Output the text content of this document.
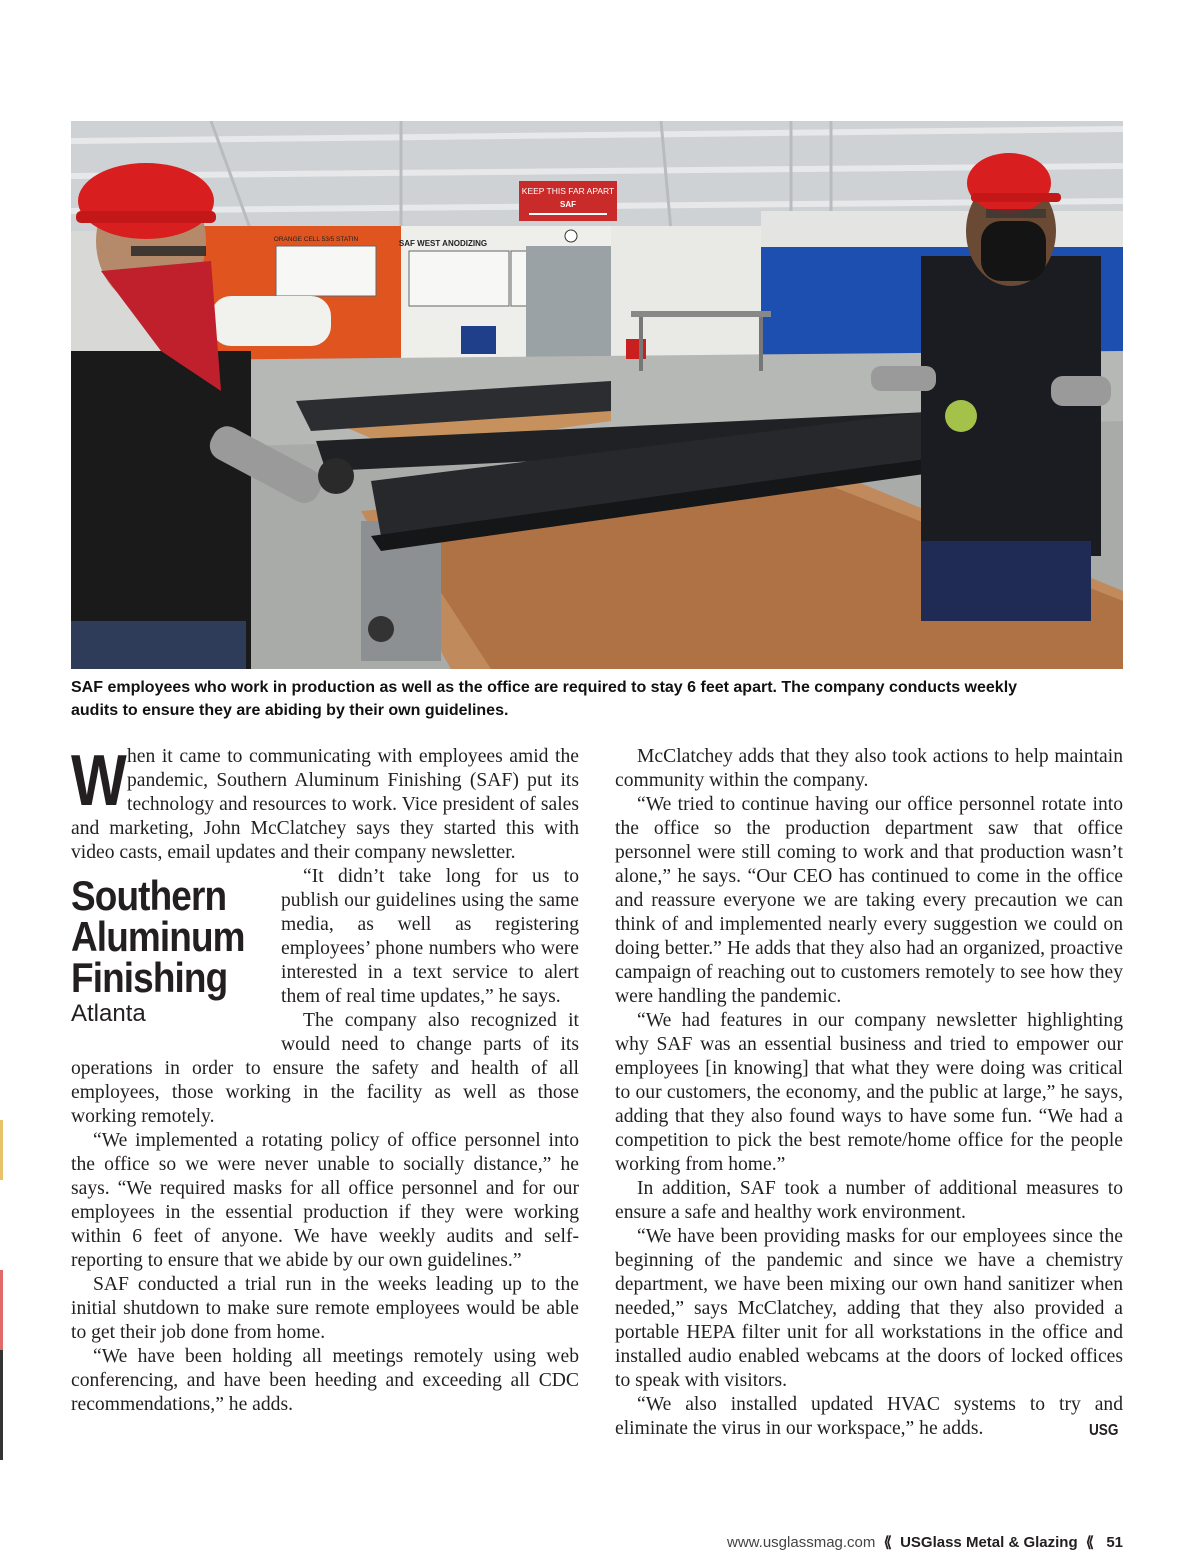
KEEP THIS FAR APART
SAF
SAF WEST ANODIZING
ORANGE CELL 53/5 STATIN

SAF employees who work in production as well as the office are required to stay 6 feet apart. The company conducts weekly

audits to ensure they are abiding by their own guidelines.

When it came to communicating with employees amid the pandemic, Southern Aluminum Finishing (SAF) put its technology and resources to work. Vice president of sales and marketing, John McClatchey says they started this with video casts, email updates and their company newsletter.

Southern
Aluminum
Finishing
Atlanta

“It didn’t take long for us to publish our guidelines using the same media, as well as registering employees’ phone numbers who were interested in a text service to alert them of real time updates,” he says.

The company also recognized it would need to change parts of its operations in order to ensure the safety and health of all employees, those working in the facility as well as those working remotely.

“We implemented a rotating policy of office personnel into the office so we were never unable to socially distance,” he says. “We required masks for all office personnel and for our employees in the essential production if they were working within 6 feet of anyone. We have weekly audits and self-reporting to ensure that we abide by our own guidelines.”

SAF conducted a trial run in the weeks leading up to the initial shutdown to make sure remote employees would be able to get their job done from home.

“We have been holding all meetings remotely using web conferencing, and have been heeding and exceeding all CDC recommendations,” he adds.

McClatchey adds that they also took actions to help maintain community within the company.

“We tried to continue having our office personnel rotate into the office so the production department saw that office personnel were still coming to work and that production wasn’t alone,” he says. “Our CEO has continued to come in the office and reassure everyone we are taking every precaution we can think of and implemented nearly every suggestion we could on doing better.” He adds that they also had an organized, proactive campaign of reaching out to customers remotely to see how they were handling the pandemic.

“We had features in our company newsletter highlighting why SAF was an essential business and tried to empower our employees [in knowing] that what they were doing was critical to our customers, the economy, and the public at large,” he says, adding that they also found ways to have some fun. “We had a competition to pick the best remote/home office for the people working from home.”

In addition, SAF took a number of additional measures to ensure a safe and healthy work environment.

“We have been providing masks for our employees since the beginning of the pandemic and since we have a chemistry department, we have been mixing our own hand sanitizer when needed,” says McClatchey, adding that they also provided a portable HEPA filter unit for all workstations in the office and installed audio enabled webcams at the doors of locked offices to speak with visitors.

“We also installed updated HVAC systems to try and eliminate the virus in our workspace,” he adds.	USG

www.usglassmag.com ⟪ USGlass Metal & Glazing ⟪ 51
